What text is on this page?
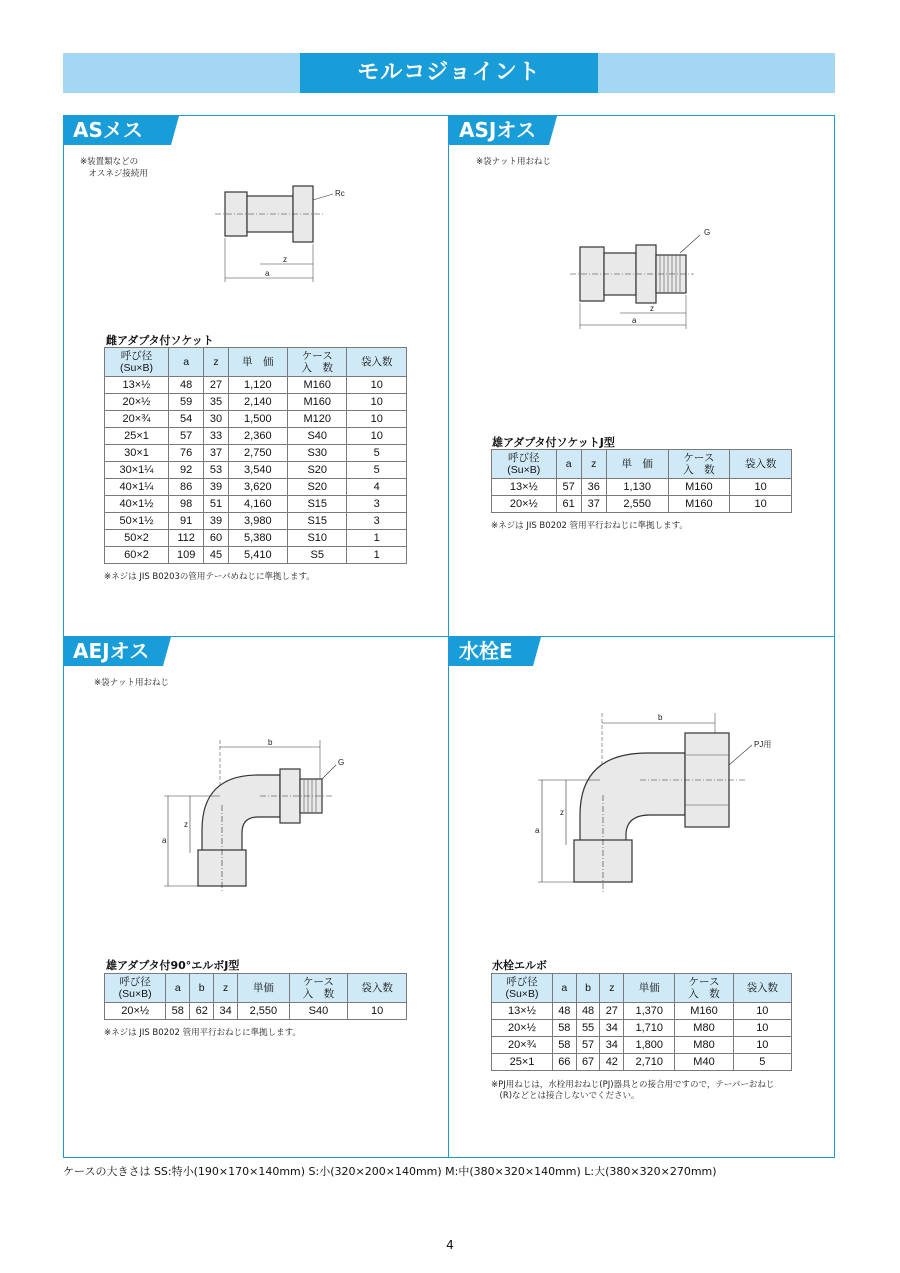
モルコジョイント
ASメス
※装置類などの
　オスネジ接続用
Rc
z
a
雌アダプタ付ソケット
呼び径
(Su×B)	a	z	単　価	ケース
入　数	袋入数
13×½	48	27	1,120	M160	10
20×½	59	35	2,140	M160	10
20×¾	54	30	1,500	M120	10
25×1	57	33	2,360	S40	10
30×1	76	37	2,750	S30	5
30×1¼	92	53	3,540	S20	5
40×1¼	86	39	3,620	S20	4
40×1½	98	51	4,160	S15	3
50×1½	91	39	3,980	S15	3
50×2	112	60	5,380	S10	1
60×2	109	45	5,410	S5	1
※ネジは JIS B0203の管用テーパめねじに準拠します。
ASJオス
※袋ナット用おねじ
G
z
a
雄アダプタ付ソケットJ型
呼び径
(Su×B)	a	z	単　価	ケース
入　数	袋入数
13×½	57	36	1,130	M160	10
20×½	61	37	2,550	M160	10
※ネジは JIS B0202 管用平行おねじに準拠します。
AEJオス
※袋ナット用おねじ
b
G
z
a
雄アダプタ付90°エルボJ型
呼び径
(Su×B)	a	b	z	単価	ケース
入　数	袋入数
20×½	58	62	34	2,550	S40	10
※ネジは JIS B0202 管用平行おねじに準拠します。
水栓E
b
PJ用
z
a
水栓エルボ
呼び径
(Su×B)	a	b	z	単価	ケース
入　数	袋入数
13×½	48	48	27	1,370	M160	10
20×½	58	55	34	1,710	M80	10
20×¾	58	57	34	1,800	M80	10
25×1	66	67	42	2,710	M40	5
※PJ用ねじは，水栓用おねじ(PJ)器具との接合用ですので，テーパーおねじ
　(R)などとは接合しないでください。
ケースの大きさは SS:特小(190×170×140mm) S:小(320×200×140mm) M:中(380×320×140mm) L:大(380×320×270mm)
4
